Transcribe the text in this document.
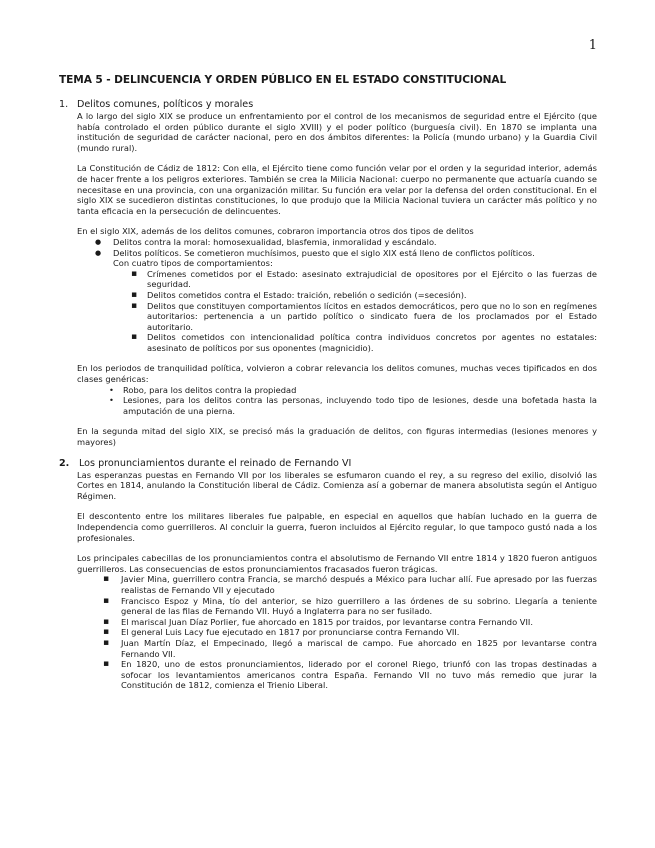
1
TEMA 5 - DELINCUENCIA Y ORDEN PÚBLICO EN EL ESTADO CONSTITUCIONAL
1. Delitos comunes, políticos y morales

A lo largo del siglo XIX se produce un enfrentamiento por el control de los mecanismos de seguridad entre el Ejército (que había controlado el orden público durante el siglo XVIII) y el poder político (burguesía civil). En 1870 se implanta una institución de seguridad de carácter nacional, pero en dos ámbitos diferentes: la Policía (mundo urbano) y la Guardia Civil (mundo rural).

La Constitución de Cádiz de 1812: Con ella, el Ejército tiene como función velar por el orden y la seguridad interior, además de hacer frente a los peligros exteriores. También se crea la Milicia Nacional: cuerpo no permanente que actuaría cuando se necesitase en una provincia, con una organización militar. Su función era velar por la defensa del orden constitucional. En el siglo XIX se sucedieron distintas constituciones, lo que produjo que la Milicia Nacional tuviera un carácter más político y no tanta eficacia en la persecución de delincuentes.

En el siglo XIX, además de los delitos comunes, cobraron importancia otros dos tipos de delitos

● Delitos contra la moral: homosexualidad, blasfemia, inmoralidad y escándalo.
● Delitos políticos. Se cometieron muchísimos, puesto que el siglo XIX está lleno de conflictos políticos.

Con cuatro tipos de comportamientos:

▪ Crímenes cometidos por el Estado: asesinato extrajudicial de opositores por el Ejército o las fuerzas de seguridad.
▪ Delitos cometidos contra el Estado: traición, rebelión o sedición (=secesión).
▪ Delitos que constituyen comportamientos lícitos en estados democráticos, pero que no lo son en regímenes autoritarios: pertenencia a un partido político o sindicato fuera de los proclamados por el Estado autoritario.
▪ Delitos cometidos con intencionalidad política contra individuos concretos por agentes no estatales: asesinato de políticos por sus oponentes (magnicidio).

En los periodos de tranquilidad política, volvieron a cobrar relevancia los delitos comunes, muchas veces tipificados en dos clases genéricas:

• Robo, para los delitos contra la propiedad
• Lesiones, para los delitos contra las personas, incluyendo todo tipo de lesiones, desde una bofetada hasta la amputación de una pierna.

En la segunda mitad del siglo XIX, se precisó más la graduación de delitos, con figuras intermedias (lesiones menores y mayores)

2.	Los pronunciamientos durante el reinado de Fernando VI

Las esperanzas puestas en Fernando VII por los liberales se esfumaron cuando el rey, a su regreso del exilio, disolvió las Cortes en 1814, anulando la Constitución liberal de Cádiz. Comienza así a gobernar de manera absolutista según el Antiguo Régimen.

El descontento entre los militares liberales fue palpable, en especial en aquellos que habían luchado en la guerra de Independencia como guerrilleros. Al concluir la guerra, fueron incluidos al Ejército regular, lo que tampoco gustó nada a los profesionales.

Los principales cabecillas de los pronunciamientos contra el absolutismo de Fernando VII entre 1814 y 1820 fueron antiguos guerrilleros. Las consecuencias de estos pronunciamientos fracasados fueron trágicas.

▪ Javier Mina, guerrillero contra Francia, se marchó después a México para luchar allí. Fue apresado por las fuerzas realistas de Fernando VII y ejecutado
▪ Francisco Espoz y Mina, tío del anterior, se hizo guerrillero a las órdenes de su sobrino. Llegaría a teniente general de las filas de Fernando VII. Huyó a Inglaterra para no ser fusilado.
▪ El mariscal Juan Díaz Porlier, fue ahorcado en 1815 por traidos, por levantarse contra Fernando VII.
▪ El general Luis Lacy fue ejecutado en 1817 por pronunciarse contra Fernando VII.
▪ Juan Martín Díaz, el Empecinado, llegó a mariscal de campo. Fue ahorcado en 1825 por levantarse contra Fernando VII.
▪ En 1820, uno de estos pronunciamientos, liderado por el coronel Riego, triunfó con las tropas destinadas a sofocar los levantamientos americanos contra España. Fernando VII no tuvo más remedio que jurar la Constitución de 1812, comienza el Trienio Liberal.
